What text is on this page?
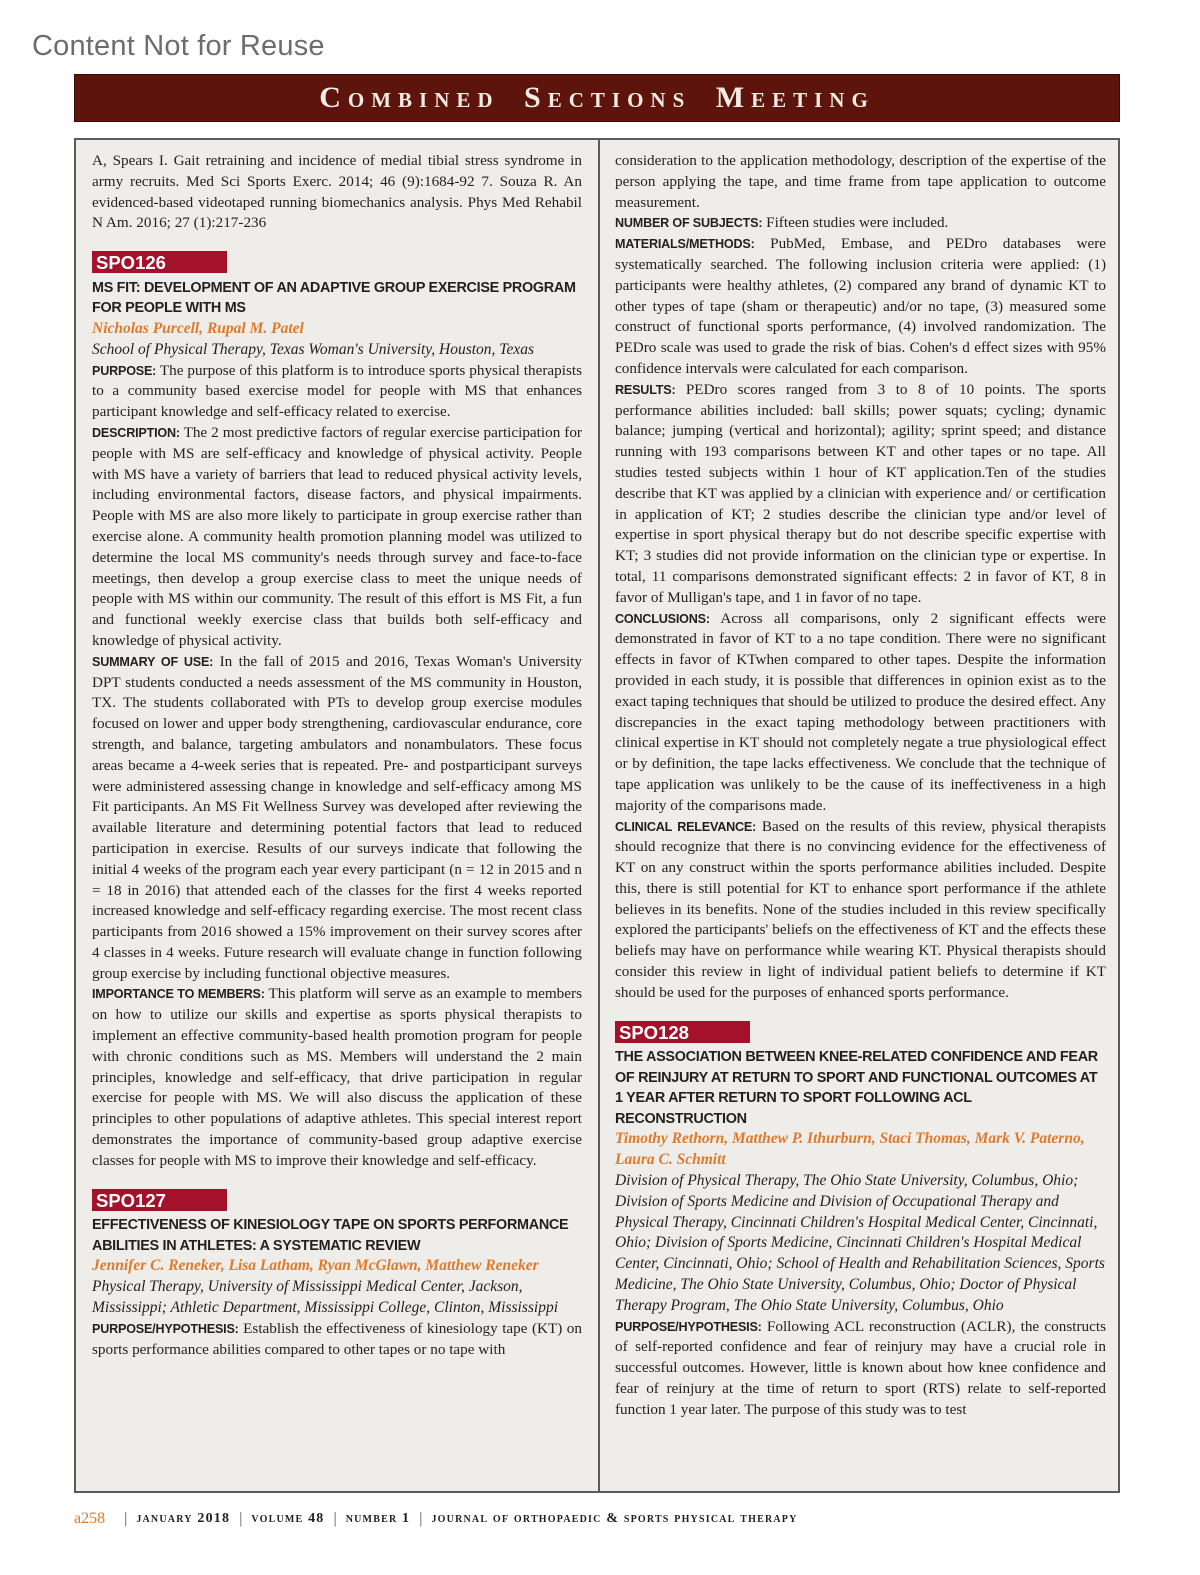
Content Not for Reuse
Combined Sections Meeting

A, Spears I. Gait retraining and incidence of medial tibial stress syndrome in army recruits. Med Sci Sports Exerc. 2014; 46 (9):1684-92 7. Souza R. An evidenced-based videotaped running biomechanics analysis. Phys Med Rehabil N Am. 2016; 27 (1):217-236

SPO126

MS FIT: DEVELOPMENT OF AN ADAPTIVE GROUP EXERCISE PROGRAM FOR PEOPLE WITH MS

Nicholas Purcell, Rupal M. Patel

School of Physical Therapy, Texas Woman's University, Houston, Texas

PURPOSE: The purpose of this platform is to introduce sports physical therapists to a community based exercise model for people with MS that enhances participant knowledge and self-efficacy related to exercise.

DESCRIPTION: The 2 most predictive factors of regular exercise participation for people with MS are self-efficacy and knowledge of physical activity. People with MS have a variety of barriers that lead to reduced physical activity levels, including environmental factors, disease factors, and physical impairments. People with MS are also more likely to participate in group exercise rather than exercise alone. A community health promotion planning model was utilized to determine the local MS community's needs through survey and face-to-face meetings, then develop a group exercise class to meet the unique needs of people with MS within our community. The result of this effort is MS Fit, a fun and functional weekly exercise class that builds both self-efficacy and knowledge of physical activity.

SUMMARY OF USE: In the fall of 2015 and 2016, Texas Woman's University DPT students conducted a needs assessment of the MS community in Houston, TX. The students collaborated with PTs to develop group exercise modules focused on lower and upper body strengthening, cardiovascular endurance, core strength, and balance, targeting ambulators and nonambulators. These focus areas became a 4-week series that is repeated. Pre- and postparticipant surveys were administered assessing change in knowledge and self-efficacy among MS Fit participants. An MS Fit Wellness Survey was developed after reviewing the available literature and determining potential factors that lead to reduced participation in exercise. Results of our surveys indicate that following the initial 4 weeks of the program each year every participant (n = 12 in 2015 and n = 18 in 2016) that attended each of the classes for the first 4 weeks reported increased knowledge and self-efficacy regarding exercise. The most recent class participants from 2016 showed a 15% improvement on their survey scores after 4 classes in 4 weeks. Future research will evaluate change in function following group exercise by including functional objective measures.

IMPORTANCE TO MEMBERS: This platform will serve as an example to members on how to utilize our skills and expertise as sports physical therapists to implement an effective community-based health promotion program for people with chronic conditions such as MS. Members will understand the 2 main principles, knowledge and self-efficacy, that drive participation in regular exercise for people with MS. We will also discuss the application of these principles to other populations of adaptive athletes. This special interest report demonstrates the importance of community-based group adaptive exercise classes for people with MS to improve their knowledge and self-efficacy.

SPO127

EFFECTIVENESS OF KINESIOLOGY TAPE ON SPORTS PERFORMANCE ABILITIES IN ATHLETES: A SYSTEMATIC REVIEW

Jennifer C. Reneker, Lisa Latham, Ryan McGlawn, Matthew Reneker

Physical Therapy, University of Mississippi Medical Center, Jackson, Mississippi; Athletic Department, Mississippi College, Clinton, Mississippi

PURPOSE/HYPOTHESIS: Establish the effectiveness of kinesiology tape (KT) on sports performance abilities compared to other tapes or no tape with

consideration to the application methodology, description of the expertise of the person applying the tape, and time frame from tape application to outcome measurement.

NUMBER OF SUBJECTS: Fifteen studies were included.

MATERIALS/METHODS: PubMed, Embase, and PEDro databases were systematically searched. The following inclusion criteria were applied: (1) participants were healthy athletes, (2) compared any brand of dynamic KT to other types of tape (sham or therapeutic) and/or no tape, (3) measured some construct of functional sports performance, (4) involved randomization. The PEDro scale was used to grade the risk of bias. Cohen's d effect sizes with 95% confidence intervals were calculated for each comparison.

RESULTS: PEDro scores ranged from 3 to 8 of 10 points. The sports performance abilities included: ball skills; power squats; cycling; dynamic balance; jumping (vertical and horizontal); agility; sprint speed; and distance running with 193 comparisons between KT and other tapes or no tape. All studies tested subjects within 1 hour of KT application.Ten of the studies describe that KT was applied by a clinician with experience and/ or certification in application of KT; 2 studies describe the clinician type and/or level of expertise in sport physical therapy but do not describe specific expertise with KT; 3 studies did not provide information on the clinician type or expertise. In total, 11 comparisons demonstrated significant effects: 2 in favor of KT, 8 in favor of Mulligan's tape, and 1 in favor of no tape.

CONCLUSIONS: Across all comparisons, only 2 significant effects were demonstrated in favor of KT to a no tape condition. There were no significant effects in favor of KTwhen compared to other tapes. Despite the information provided in each study, it is possible that differences in opinion exist as to the exact taping techniques that should be utilized to produce the desired effect. Any discrepancies in the exact taping methodology between practitioners with clinical expertise in KT should not completely negate a true physiological effect or by definition, the tape lacks effectiveness. We conclude that the technique of tape application was unlikely to be the cause of its ineffectiveness in a high majority of the comparisons made.

CLINICAL RELEVANCE: Based on the results of this review, physical therapists should recognize that there is no convincing evidence for the effectiveness of KT on any construct within the sports performance abilities included. Despite this, there is still potential for KT to enhance sport performance if the athlete believes in its benefits. None of the studies included in this review specifically explored the participants' beliefs on the effectiveness of KT and the effects these beliefs may have on performance while wearing KT. Physical therapists should consider this review in light of individual patient beliefs to determine if KT should be used for the purposes of enhanced sports performance.

SPO128

THE ASSOCIATION BETWEEN KNEE-RELATED CONFIDENCE AND FEAR OF REINJURY AT RETURN TO SPORT AND FUNCTIONAL OUTCOMES AT 1 YEAR AFTER RETURN TO SPORT FOLLOWING ACL RECONSTRUCTION

Timothy Rethorn, Matthew P. Ithurburn, Staci Thomas, Mark V. Paterno, Laura C. Schmitt

Division of Physical Therapy, The Ohio State University, Columbus, Ohio; Division of Sports Medicine and Division of Occupational Therapy and Physical Therapy, Cincinnati Children's Hospital Medical Center, Cincinnati, Ohio; Division of Sports Medicine, Cincinnati Children's Hospital Medical Center, Cincinnati, Ohio; School of Health and Rehabilitation Sciences, Sports Medicine, The Ohio State University, Columbus, Ohio; Doctor of Physical Therapy Program, The Ohio State University, Columbus, Ohio

PURPOSE/HYPOTHESIS: Following ACL reconstruction (ACLR), the constructs of self-reported confidence and fear of reinjury may have a crucial role in successful outcomes. However, little is known about how knee confidence and fear of reinjury at the time of return to sport (RTS) relate to self-reported function 1 year later. The purpose of this study was to test

a258 | january 2018 | volume 48 | number 1 | journal of orthopaedic & sports physical therapy
